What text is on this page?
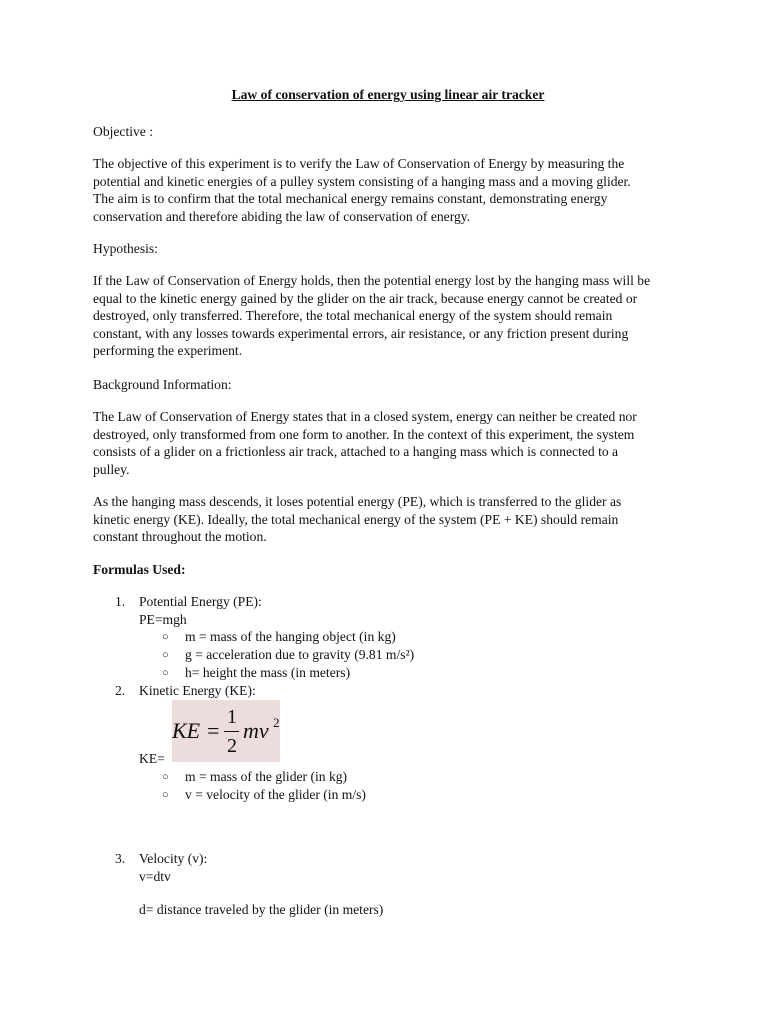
Law of conservation of energy using linear air tracker

Objective :

The objective of this experiment is to verify the Law of Conservation of Energy by measuring the
potential and kinetic energies of a pulley system consisting of a hanging mass and a moving glider.
The aim is to confirm that the total mechanical energy remains constant, demonstrating energy
conservation and therefore abiding the law of conservation of energy.

Hypothesis:

If the Law of Conservation of Energy holds, then the potential energy lost by the hanging mass will be
equal to the kinetic energy gained by the glider on the air track, because energy cannot be created or
destroyed, only transferred. Therefore, the total mechanical energy of the system should remain
constant, with any losses towards experimental errors, air resistance, or any friction present during
performing the experiment.

Background Information:

The Law of Conservation of Energy states that in a closed system, energy can neither be created nor
destroyed, only transformed from one form to another. In the context of this experiment, the system
consists of a glider on a frictionless air track, attached to a hanging mass which is connected to a
pulley.
As the hanging mass descends, it loses potential energy (PE), which is transferred to the glider as
kinetic energy (KE). Ideally, the total mechanical energy of the system (PE + KE) should remain
constant throughout the motion.

Formulas Used:

1. Potential Energy (PE):
PE=mgh
○ m = mass of the hanging object (in kg)
○ g = acceleration due to gravity (9.81 m/s²)
○ h= height the mass (in meters)
2. Kinetic Energy (KE):
KE =
1
2
mv 2
KE=
○ m = mass of the glider (in kg)
○ v = velocity of the glider (in m/s)
3. Velocity (v):
v=dtv
d= distance traveled by the glider (in meters)
